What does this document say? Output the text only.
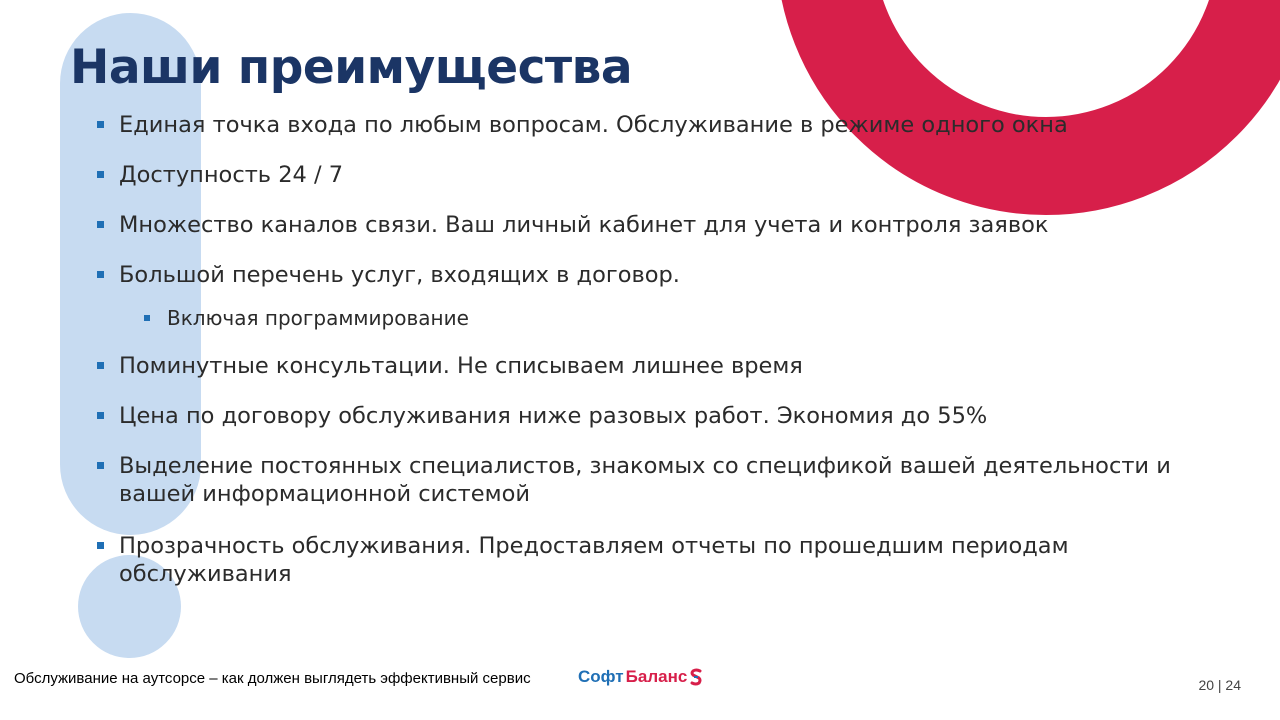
Наши преимущества
Единая точка входа по любым вопросам. Обслуживание в режиме одного окна
Доступность 24 / 7
Множество каналов связи. Ваш личный кабинет для учета и контроля заявок
Большой перечень услуг, входящих в договор.
Включая программирование
Поминутные консультации. Не списываем лишнее время
Цена по договору обслуживания ниже разовых работ. Экономия до 55%
Выделение постоянных специалистов, знакомых со спецификой вашей деятельности и вашей информационной системой
Прозрачность обслуживания. Предоставляем отчеты по прошедшим периодам обслуживания
Обслуживание на аутсорсе – как должен выглядеть эффективный сервис	Софт Баланс	20 | 24
